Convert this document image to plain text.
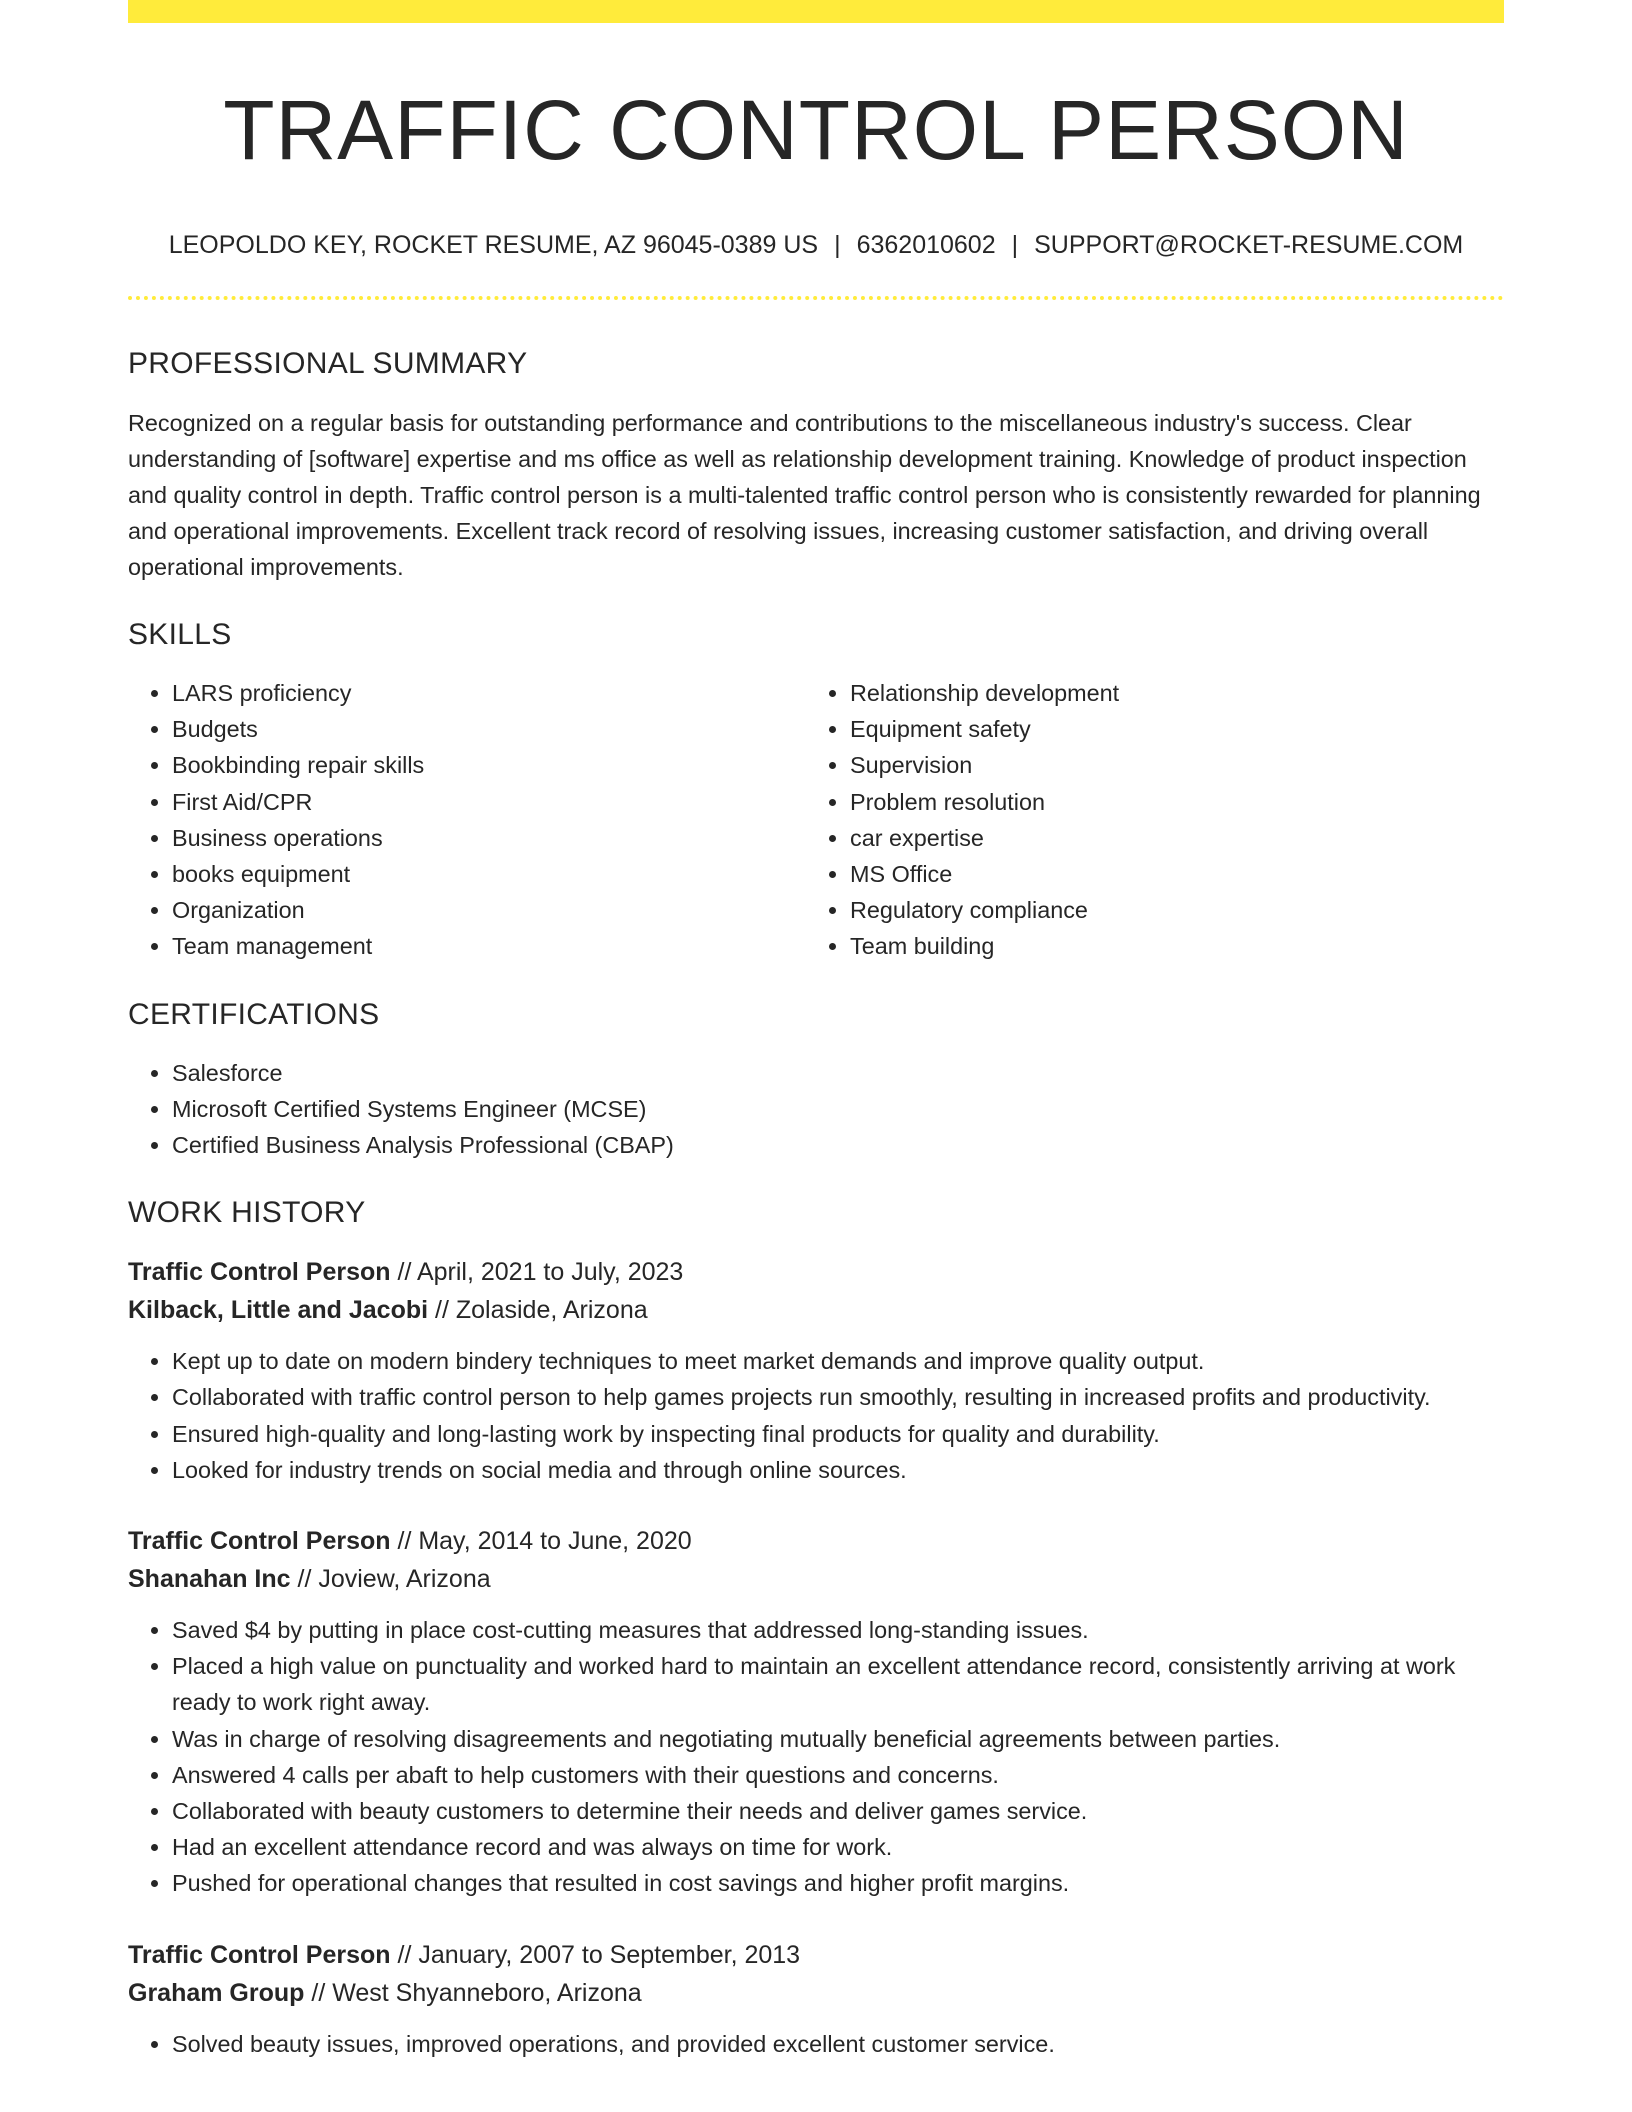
TRAFFIC CONTROL PERSON
LEOPOLDO KEY, ROCKET RESUME, AZ 96045-0389 US | 6362010602 | SUPPORT@ROCKET-RESUME.COM
PROFESSIONAL SUMMARY

Recognized on a regular basis for outstanding performance and contributions to the miscellaneous industry's success. Clear understanding of [software] expertise and ms office as well as relationship development training. Knowledge of product inspection and quality control in depth. Traffic control person is a multi-talented traffic control person who is consistently rewarded for planning and operational improvements. Excellent track record of resolving issues, increasing customer satisfaction, and driving overall operational improvements.

SKILLS
• LARS proficiency
• Budgets
• Bookbinding repair skills
• First Aid/CPR
• Business operations
• books equipment
• Organization
• Team management
• Relationship development
• Equipment safety
• Supervision
• Problem resolution
• car expertise
• MS Office
• Regulatory compliance
• Team building
CERTIFICATIONS
• Salesforce
• Microsoft Certified Systems Engineer (MCSE)
• Certified Business Analysis Professional (CBAP)
WORK HISTORY
Traffic Control Person // April, 2021 to July, 2023
Kilback, Little and Jacobi // Zolaside, Arizona
• Kept up to date on modern bindery techniques to meet market demands and improve quality output.
• Collaborated with traffic control person to help games projects run smoothly, resulting in increased profits and productivity.
• Ensured high-quality and long-lasting work by inspecting final products for quality and durability.
• Looked for industry trends on social media and through online sources.
Traffic Control Person // May, 2014 to June, 2020
Shanahan Inc // Joview, Arizona
• Saved $4 by putting in place cost-cutting measures that addressed long-standing issues.
• Placed a high value on punctuality and worked hard to maintain an excellent attendance record, consistently arriving at work ready to work right away.
• Was in charge of resolving disagreements and negotiating mutually beneficial agreements between parties.
• Answered 4 calls per abaft to help customers with their questions and concerns.
• Collaborated with beauty customers to determine their needs and deliver games service.
• Had an excellent attendance record and was always on time for work.
• Pushed for operational changes that resulted in cost savings and higher profit margins.
Traffic Control Person // January, 2007 to September, 2013
Graham Group // West Shyanneboro, Arizona
• Solved beauty issues, improved operations, and provided excellent customer service.
